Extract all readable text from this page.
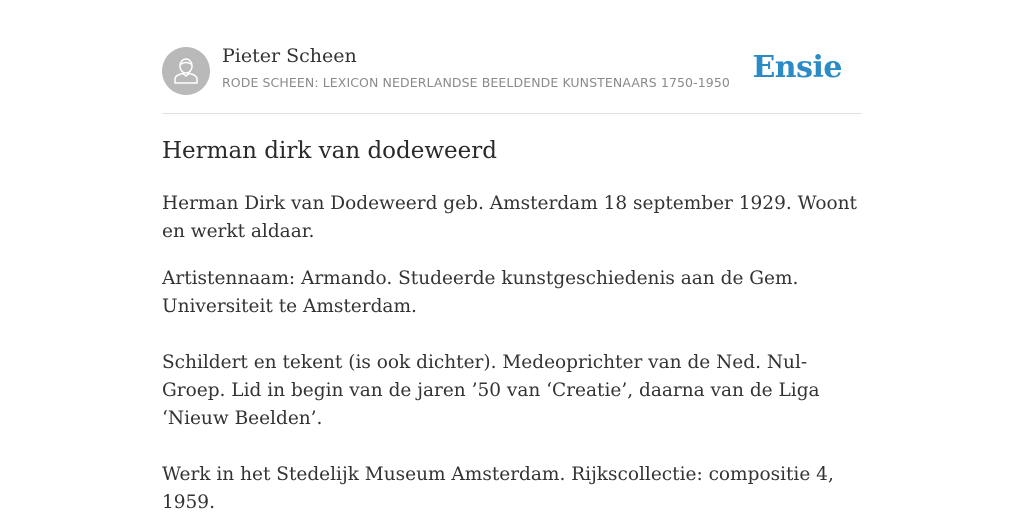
Pieter Scheen
RODE SCHEEN: LEXICON NEDERLANDSE BEELDENDE KUNSTENAARS 1750-1950 Ensie
Herman dirk van dodeweerd

Herman Dirk van Dodeweerd geb. Amsterdam 18 september 1929. Woont en werkt aldaar.

Artistennaam: Armando. Studeerde kunstgeschiedenis aan de Gem. Universiteit te Amsterdam.

Schildert en tekent (is ook dichter). Medeoprichter van de Ned. Nul-Groep. Lid in begin van de jaren ’50 van ‘Creatie’, daarna van de Liga ‘Nieuw Beelden’.

Werk in het Stedelijk Museum Amsterdam. Rijkscollectie: compositie 4, 1959.
